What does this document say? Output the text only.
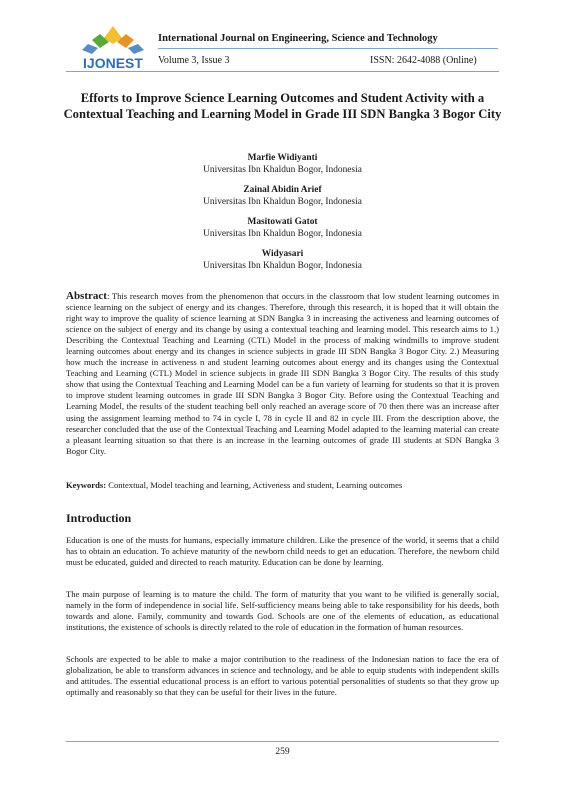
IJONEST
International Journal on Engineering, Science and Technology
Volume 3, Issue 3	ISSN: 2642-4088 (Online)
Efforts to Improve Science Learning Outcomes and Student Activity with a Contextual Teaching and Learning Model in Grade III SDN Bangka 3 Bogor City
Marfie Widiyanti
Universitas Ibn Khaldun Bogor, Indonesia
Zainal Abidin Arief
Universitas Ibn Khaldun Bogor, Indonesia
Masitowati Gatot
Universitas Ibn Khaldun Bogor, Indonesia
Widyasari
Universitas Ibn Khaldun Bogor, Indonesia
Abstract: This research moves from the phenomenon that occurs in the classroom that low student learning outcomes in science learning on the subject of energy and its changes. Therefore, through this research, it is hoped that it will obtain the right way to improve the quality of science learning at SDN Bangka 3 in increasing the activeness and learning outcomes of science on the subject of energy and its change by using a contextual teaching and learning model. This research aims to 1.) Describing the Contextual Teaching and Learning (CTL) Model in the process of making windmills to improve student learning outcomes about energy and its changes in science subjects in grade III SDN Bangka 3 Bogor City. 2.) Measuring how much the increase in activeness n and student learning outcomes about energy and its changes using the Contextual Teaching and Learning (CTL) Model in science subjects in grade III SDN Bangka 3 Bogor City. The results of this study show that using the Contextual Teaching and Learning Model can be a fun variety of learning for students so that it is proven to improve student learning outcomes in grade III SDN Bangka 3 Bogor City. Before using the Contextual Teaching and Learning Model, the results of the student teaching bell only reached an average score of 70 then there was an increase after using the assignment learning method to 74 in cycle I, 78 in cycle II and 82 in cycle III. From the description above, the researcher concluded that the use of the Contextual Teaching and Learning Model adapted to the learning material can create a pleasant learning situation so that there is an increase in the learning outcomes of grade III students at SDN Bangka 3 Bogor City.
Keywords: Contextual, Model teaching and learning, Activeness and student, Learning outcomes
Introduction
Education is one of the musts for humans, especially immature children. Like the presence of the world, it seems that a child has to obtain an education. To achieve maturity of the newborn child needs to get an education. Therefore, the newborn child must be educated, guided and directed to reach maturity. Education can be done by learning.
The main purpose of learning is to mature the child. The form of maturity that you want to be vilified is generally social, namely in the form of independence in social life. Self-sufficiency means being able to take responsibility for his deeds, both towards and alone. Family, community and towards God. Schools are one of the elements of education, as educational institutions, the existence of schools is directly related to the role of education in the formation of human resources.
Schools are expected to be able to make a major contribution to the readiness of the Indonesian nation to face the era of globalization, be able to transform advances in science and technology, and be able to equip students with independent skills and attitudes. The essential educational process is an effort to various potential personalities of students so that they grow up optimally and reasonably so that they can be useful for their lives in the future.
259
